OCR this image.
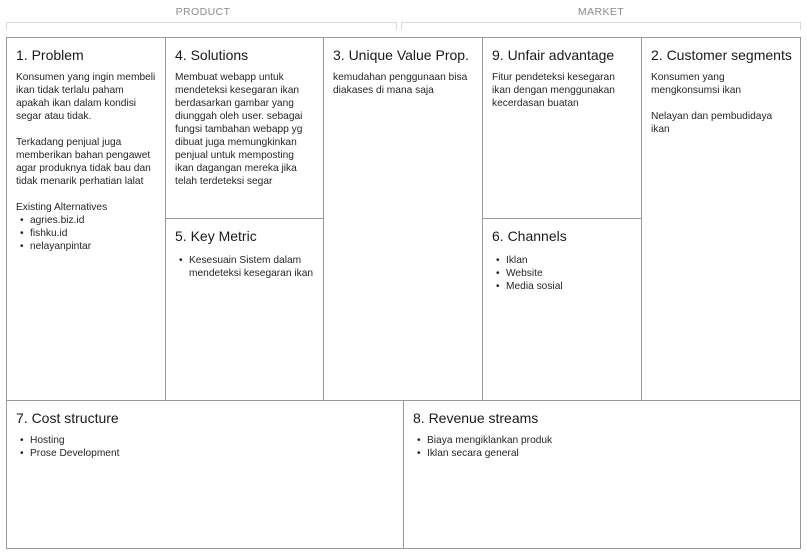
PRODUCT	MARKET
1. Problem

Konsumen yang ingin membeli ikan tidak terlalu paham apakah ikan dalam kondisi segar atau tidak.

Terkadang penjual juga memberikan bahan pengawet agar produknya tidak bau dan tidak menarik perhatian lalat

Existing Alternatives
• agries.biz.id
• fishku.id
• nelayanpintar
4. Solutions

Membuat webapp untuk mendeteksi kesegaran ikan berdasarkan gambar yang diunggah oleh user. sebagai fungsi tambahan webapp yg dibuat juga memungkinkan penjual untuk memposting ikan dagangan mereka jika telah terdeteksi segar

5. Key Metric
• Kesesuain Sistem dalam mendeteksi kesegaran ikan
3. Unique Value Prop.

kemudahan penggunaan bisa diakases di mana saja

9. Unfair advantage

Fitur pendeteksi kesegaran ikan dengan menggunakan kecerdasan buatan

6. Channels
• Iklan
• Website
• Media sosial
2. Customer segments

Konsumen yang mengkonsumsi ikan

Nelayan dan pembudidaya ikan

7. Cost structure
• Hosting
• Prose Development
8. Revenue streams
• Biaya mengiklankan produk
• Iklan secara general
